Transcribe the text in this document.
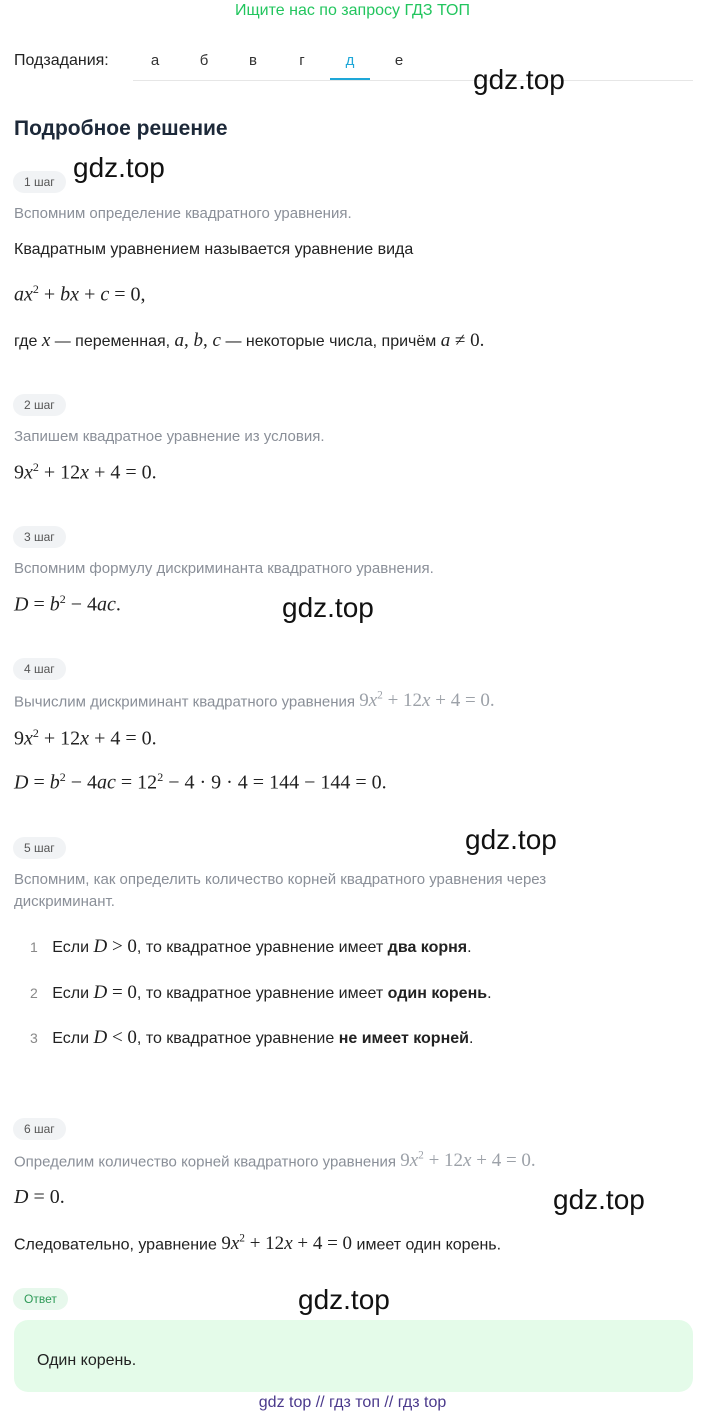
Ищите нас по запросу ГДЗ ТОП
Подзадания:	а	б	в	г	д	е
gdz.top
gdz.top
gdz.top
gdz.top
gdz.top
gdz.top
Подробное решение
1 шаг
Вспомним определение квадратного уравнения.
Квадратным уравнением называется уравнение вида
$ax^2$ + bx + c = 0,
где x — переменная, a, b, c — некоторые числа, причём a ≠ 0.
2 шаг
Запишем квадратное уравнение из условия.
$9x^2 + 12x + 4 = 0$.
3 шаг
Вспомним формулу дискриминанта квадратного уравнения.
$D = b^2 - 4ac$.
4 шаг
Вычислим дискриминант квадратного уравнения $9x^2 + 12x + 4 = 0$.
$9x^2 + 12x + 4 = 0$.
$D = b^2 - 4ac = 12^2 - 4 \cdot 9 \cdot 4 = 144 - 144 = 0$.
5 шаг
Вспомним, как определить количество корней квадратного уравнения через
дискриминант.
1 Если D > 0, то квадратное уравнение имеет два корня.
2 Если D = 0, то квадратное уравнение имеет один корень.
3 Если D < 0, то квадратное уравнение не имеет корней.
6 шаг
Определим количество корней квадратного уравнения $9x^2 + 12x + 4 = 0$.
D = 0.
Следовательно, уравнение $9x^2 + 12x + 4 = 0$ имеет один корень.
Ответ
Один корень.
gdz top // гдз топ // гдз top
